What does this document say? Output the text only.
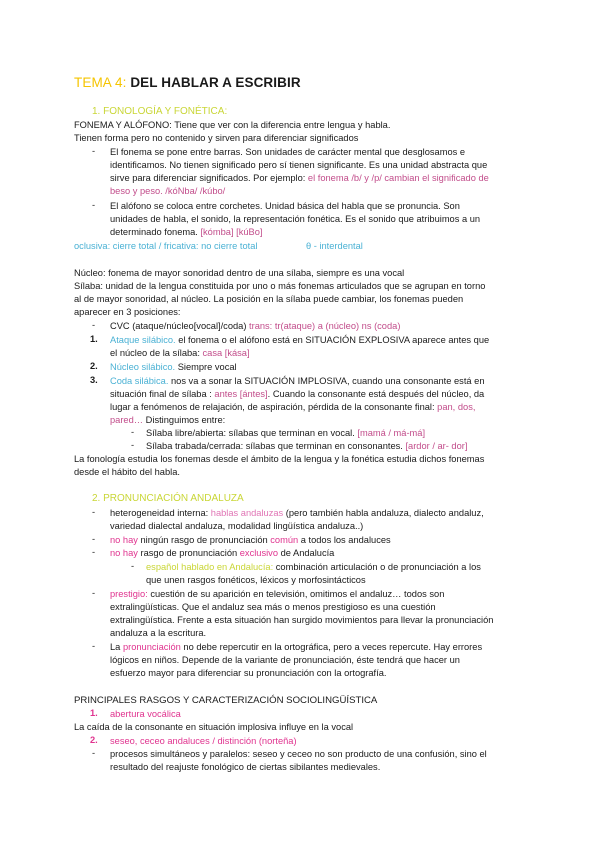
TEMA 4: DEL HABLAR A ESCRIBIR
1. FONOLOGÍA Y FONÉTICA:
FONEMA Y ALÓFONO: Tiene que ver con la diferencia entre lengua y habla.
Tienen forma pero no contenido y sirven para diferenciar significados
- El fonema se pone entre barras. Son unidades de carácter mental que desglosamos e
identificamos. No tienen significado pero sí tienen significante. Es una unidad abstracta que
sirve para diferenciar significados. Por ejemplo: el fonema /b/ y /p/ cambian el significado de
beso y peso. /kóNba/ /kúbo/
- El alófono se coloca entre corchetes. Unidad básica del habla que se pronuncia. Son
unidades de habla, el sonido, la representación fonética. Es el sonido que atribuimos a un
determinado fonema. [kómba] [kúBo]
oclusiva: cierre total / fricativa: no cierre total	θ - interdental
Núcleo: fonema de mayor sonoridad dentro de una sílaba, siempre es una vocal
Sílaba: unidad de la lengua constituida por uno o más fonemas articulados que se agrupan en torno
al de mayor sonoridad, al núcleo. La posición en la sílaba puede cambiar, los fonemas pueden
aparecer en 3 posiciones:
- CVC (ataque/núcleo[vocal]/coda) trans: tr(ataque) a (núcleo) ns (coda)
1. Ataque silábico. el fonema o el alófono está en SITUACIÓN EXPLOSIVA aparece antes que
el núcleo de la sílaba: casa [kása]
2. Núcleo silábico. Siempre vocal
3. Coda silábica. nos va a sonar la SITUACIÓN IMPLOSIVA, cuando una consonante está en
situación final de sílaba : antes [ántes]. Cuando la consonante está después del núcleo, da
lugar a fenómenos de relajación, de aspiración, pérdida de la consonante final: pan, dos,
pared… Distinguimos entre:
- Sílaba libre/abierta: sílabas que terminan en vocal. [mamá / má-má]
- Sílaba trabada/cerrada: sílabas que terminan en consonantes. [ardor / ar- dor]
La fonología estudia los fonemas desde el ámbito de la lengua y la fonética estudia dichos fonemas
desde el hábito del habla.
2. PRONUNCIACIÓN ANDALUZA
- heterogeneidad interna: hablas andaluzas (pero también habla andaluza, dialecto andaluz,
variedad dialectal andaluza, modalidad lingüística andaluza..)
- no hay ningún rasgo de pronunciación común a todos los andaluces
- no hay rasgo de pronunciación exclusivo de Andalucía
- español hablado en Andalucía: combinación articulación o de pronunciación a los
que unen rasgos fonéticos, léxicos y morfosintácticos
- prestigio: cuestión de su aparición en televisión, omitimos el andaluz… todos son
extralingüísticas. Que el andaluz sea más o menos prestigioso es una cuestión
extralingüística. Frente a esta situación han surgido movimientos para llevar la pronunciación
andaluza a la escritura.
- La pronunciación no debe repercutir en la ortográfica, pero a veces repercute. Hay errores
lógicos en niños. Depende de la variante de pronunciación, éste tendrá que hacer un
esfuerzo mayor para diferenciar su pronunciación con la ortografía.
PRINCIPALES RASGOS Y CARACTERIZACIÓN SOCIOLINGÜÍSTICA
1. abertura vocálica
La caída de la consonante en situación implosiva influye en la vocal
2. seseo, ceceo andaluces / distinción (norteña)
- procesos simultáneos y paralelos: seseo y ceceo no son producto de una confusión, sino el
resultado del reajuste fonológico de ciertas sibilantes medievales.
